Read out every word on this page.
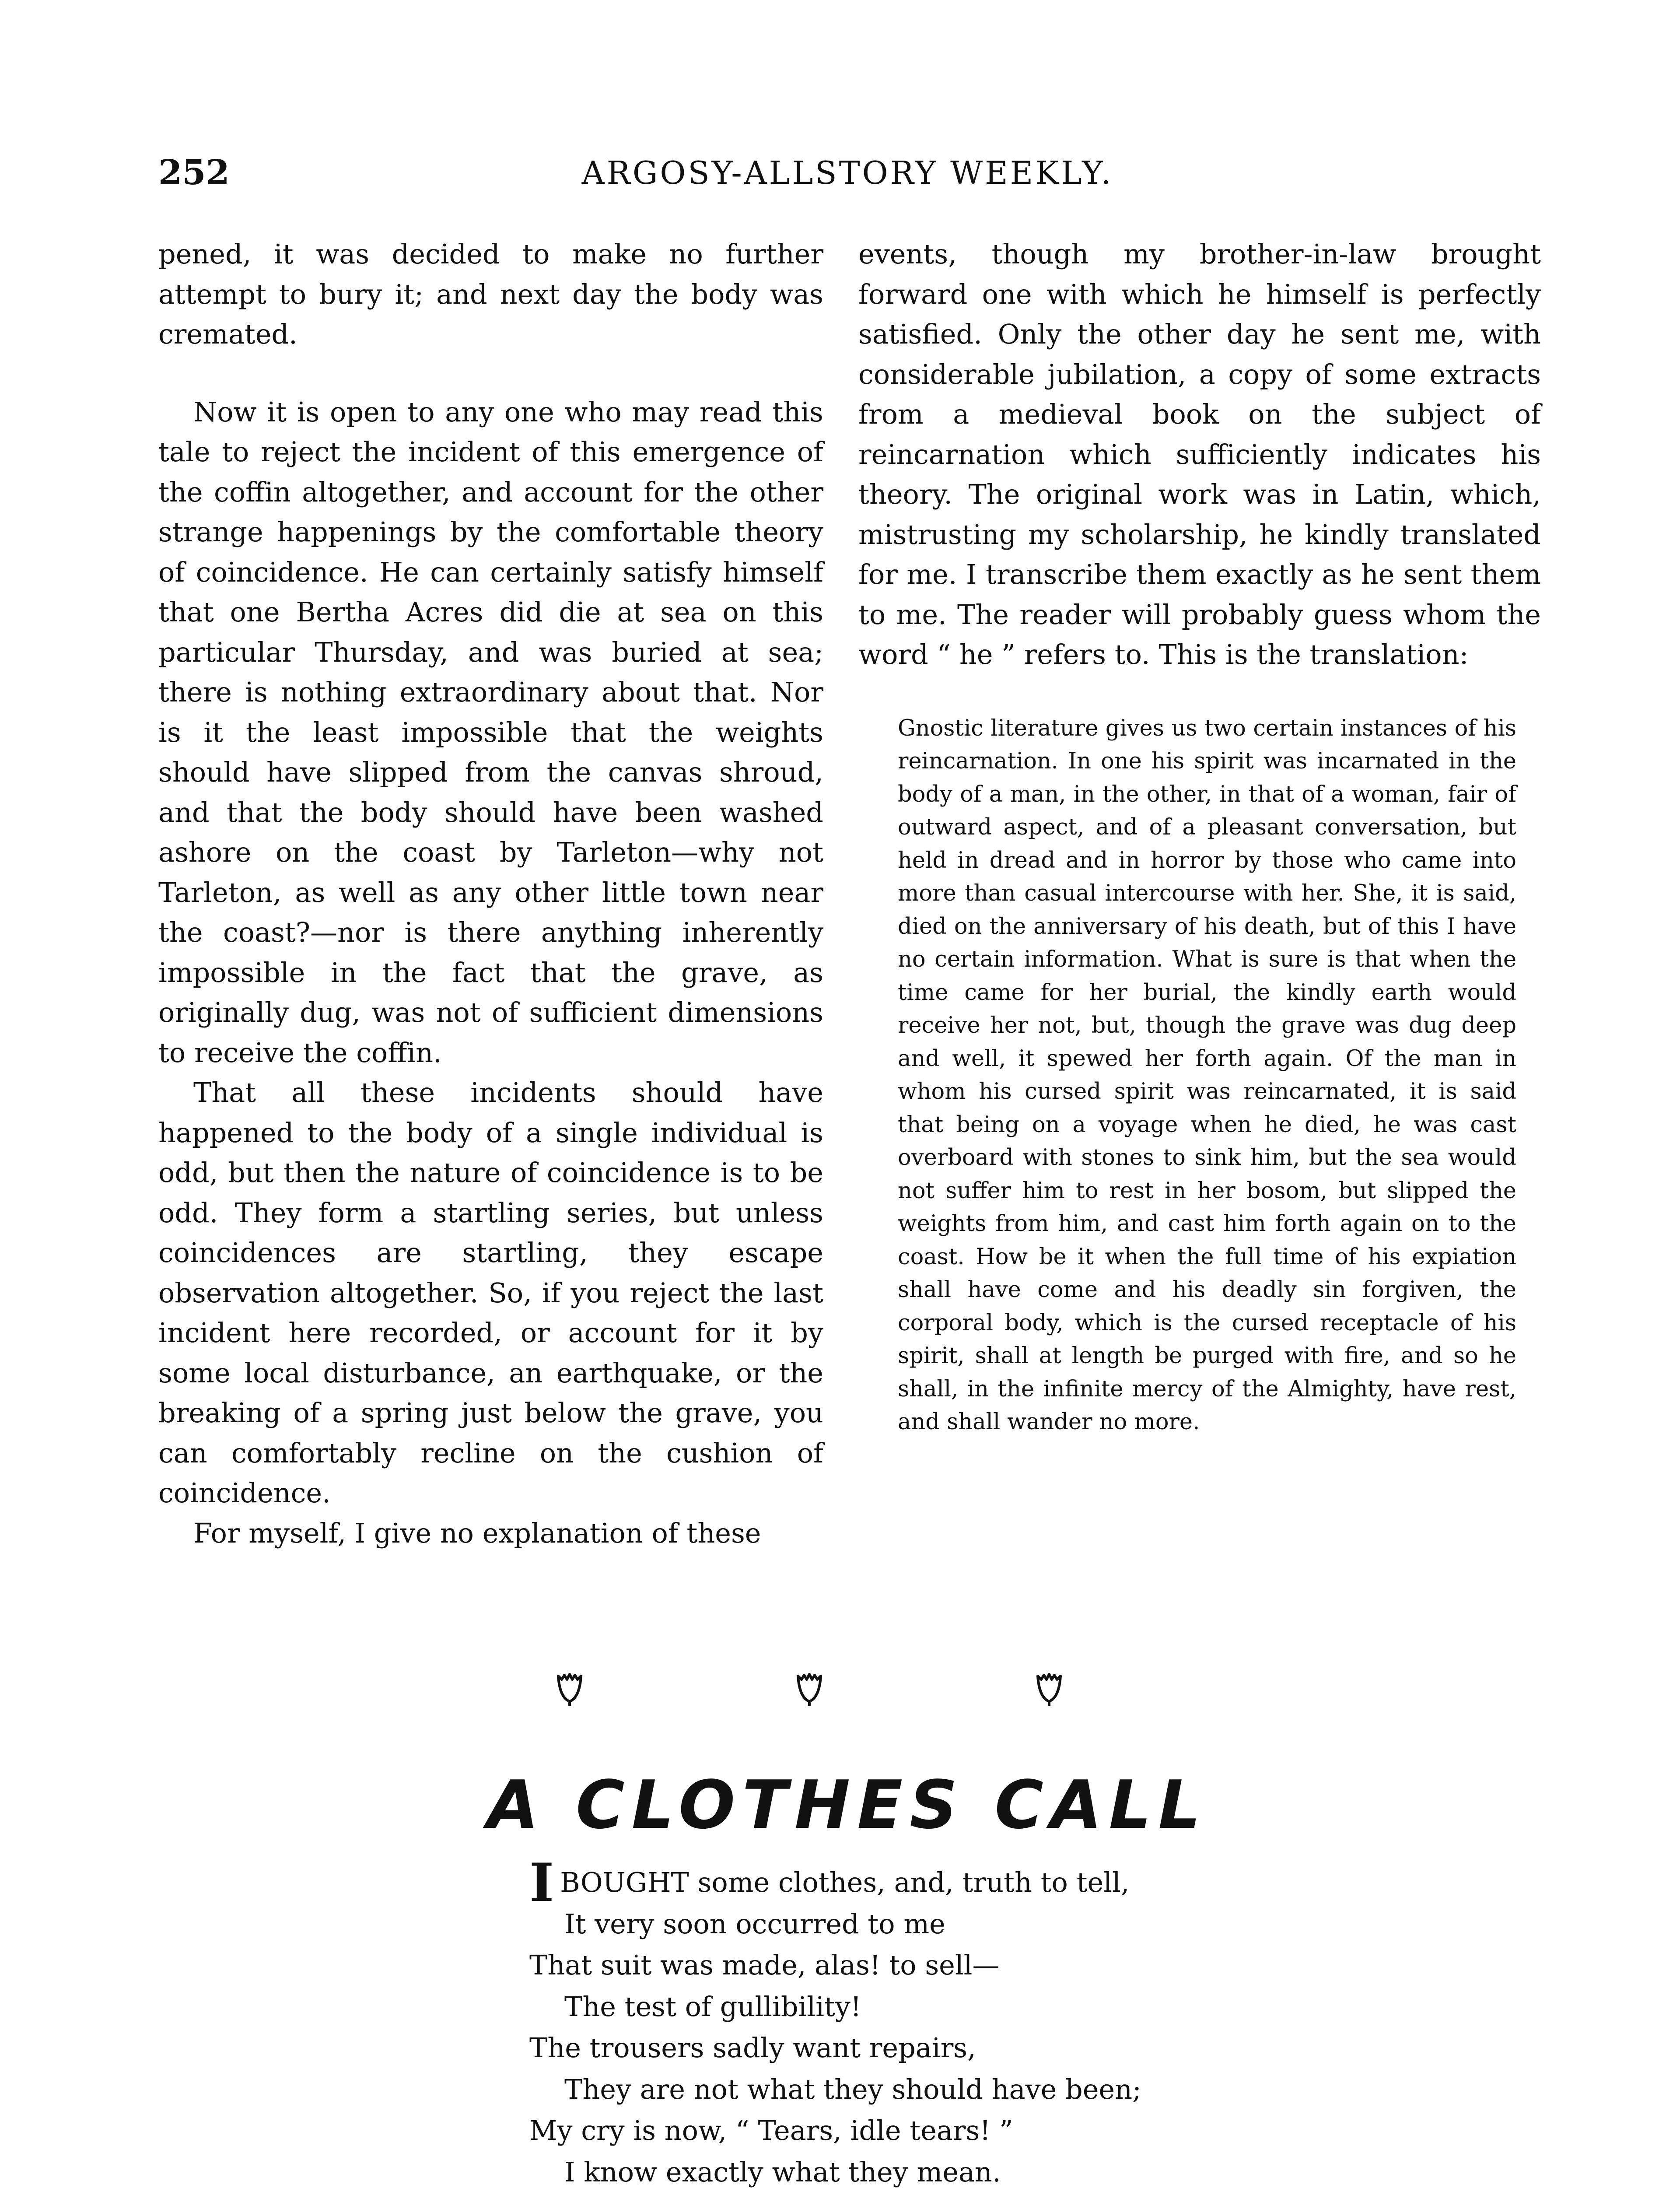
252	ARGOSY-ALLSTORY WEEKLY.

pened, it was decided to make no further attempt to bury it; and next day the body was cremated.

Now it is open to any one who may read this tale to reject the incident of this emergence of the coffin altogether, and account for the other strange happenings by the comfortable theory of coincidence. He can certainly satisfy himself that one Bertha Acres did die at sea on this particular Thursday, and was buried at sea; there is nothing extraordinary about that. Nor is it the least impossible that the weights should have slipped from the canvas shroud, and that the body should have been washed ashore on the coast by Tarleton—why not Tarleton, as well as any other little town near the coast?—nor is there anything inherently impossible in the fact that the grave, as originally dug, was not of sufficient dimensions to receive the coffin.

That all these incidents should have happened to the body of a single individual is odd, but then the nature of coincidence is to be odd. They form a startling series, but unless coincidences are startling, they escape observation altogether. So, if you reject the last incident here recorded, or account for it by some local disturbance, an earthquake, or the breaking of a spring just below the grave, you can comfortably recline on the cushion of coincidence.

For myself, I give no explanation of these

events, though my brother-in-law brought forward one with which he himself is perfectly satisfied. Only the other day he sent me, with considerable jubilation, a copy of some extracts from a medieval book on the subject of reincarnation which sufficiently indicates his theory. The original work was in Latin, which, mistrusting my scholarship, he kindly translated for me. I transcribe them exactly as he sent them to me. The reader will probably guess whom the word “ he ” refers to. This is the translation:

Gnostic literature gives us two certain instances of his reincarnation. In one his spirit was incarnated in the body of a man, in the other, in that of a woman, fair of outward aspect, and of a pleasant conversation, but held in dread and in horror by those who came into more than casual intercourse with her. She, it is said, died on the anniversary of his death, but of this I have no certain information. What is sure is that when the time came for her burial, the kindly earth would receive her not, but, though the grave was dug deep and well, it spewed her forth again. Of the man in whom his cursed spirit was reincarnated, it is said that being on a voyage when he died, he was cast overboard with stones to sink him, but the sea would not suffer him to rest in her bosom, but slipped the weights from him, and cast him forth again on to the coast. How be it when the full time of his expiation shall have come and his deadly sin forgiven, the corporal body, which is the cursed receptacle of his spirit, shall at length be purged with fire, and so he shall, in the infinite mercy of the Almighty, have rest, and shall wander no more.

A CLOTHES CALL
I BOUGHT some clothes, and, truth to tell,
It very soon occurred to me
That suit was made, alas! to sell—
The test of gullibility!
The trousers sadly want repairs,
They are not what they should have been;
My cry is now, “ Tears, idle tears! ”
I know exactly what they mean.
